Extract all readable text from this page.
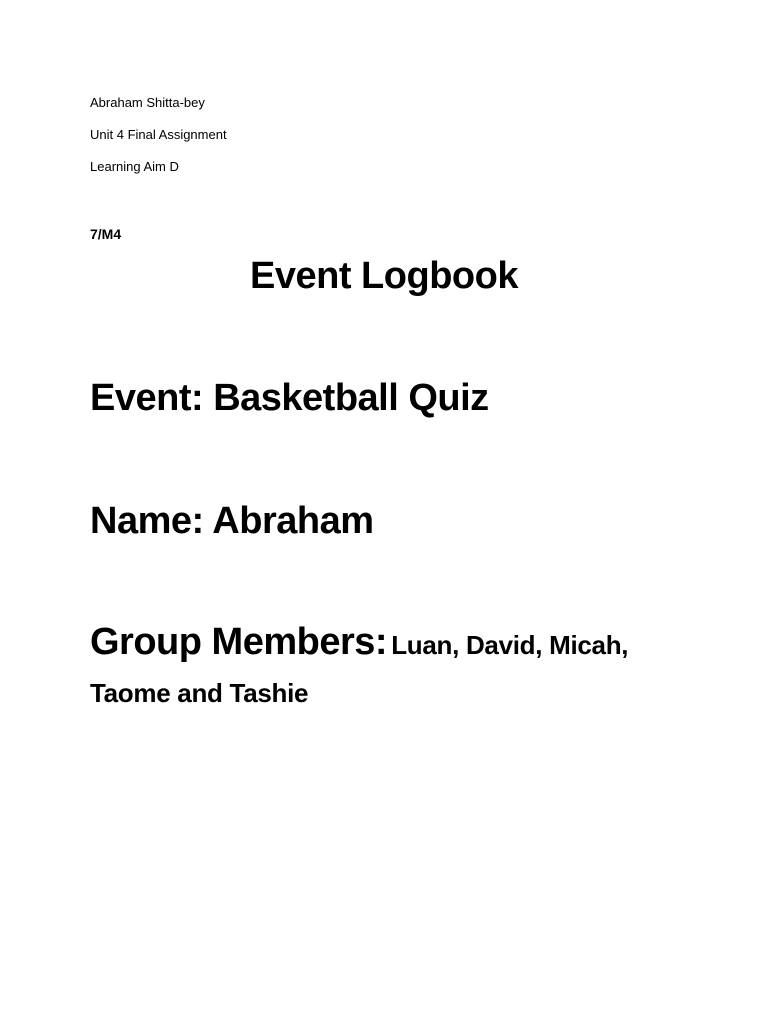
Abraham Shitta-bey
Unit 4 Final Assignment
Learning Aim D
7/M4
Event Logbook
Event: Basketball Quiz
Name: Abraham
Group Members: Luan, David, Micah, Taome and Tashie
